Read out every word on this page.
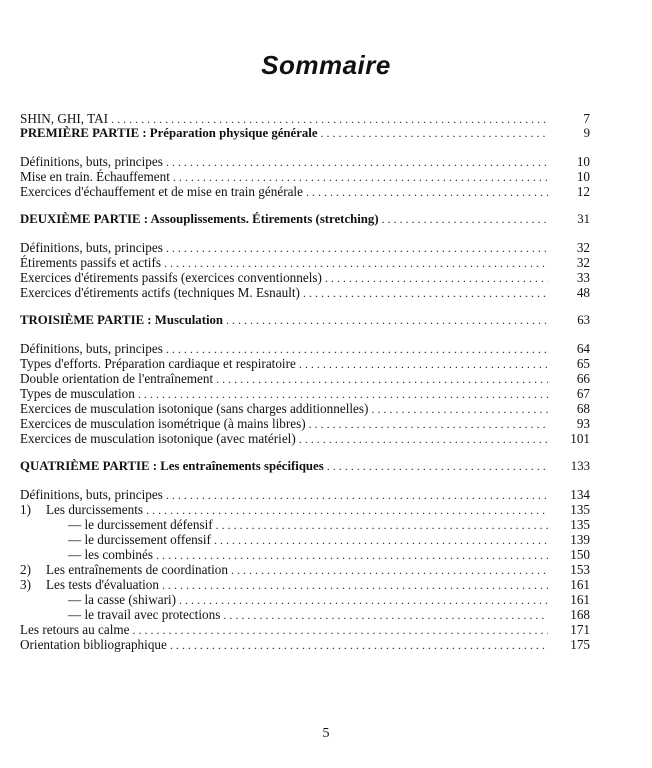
Sommaire
SHIN, GHI, TAI . . .	7
PREMIÈRE PARTIE : Préparation physique générale . . .	9
Définitions, buts, principes . . .	10
Mise en train. Échauffement . . .	10
Exercices d'échauffement et de mise en train générale . . .	12
DEUXIÈME PARTIE : Assouplissements. Étirements (stretching) . . .	31
Définitions, buts, principes . . .	32
Étirements passifs et actifs . . .	32
Exercices d'étirements passifs (exercices conventionnels) . . .	33
Exercices d'étirements actifs (techniques M. Esnault) . . .	48
TROISIÈME PARTIE : Musculation . . .	63
Définitions, buts, principes . . .	64
Types d'efforts. Préparation cardiaque et respiratoire . . .	65
Double orientation de l'entraînement . . .	66
Types de musculation . . .	67
Exercices de musculation isotonique (sans charges additionnelles) . . .	68
Exercices de musculation isométrique (à mains libres) . . .	93
Exercices de musculation isotonique (avec matériel) . . .	101
QUATRIÈME PARTIE : Les entraînements spécifiques . . .	133
Définitions, buts, principes . . .	134
1)	Les durcissements . . .	135
— le durcissement défensif . . .	135
— le durcissement offensif . . .	139
— les combinés . . .	150
2)	Les entraînements de coordination . . .	153
3)	Les tests d'évaluation . . .	161
— la casse (shiwari) . . .	161
— le travail avec protections . . .	168
Les retours au calme . . .	171
Orientation bibliographique . . .	175
5
